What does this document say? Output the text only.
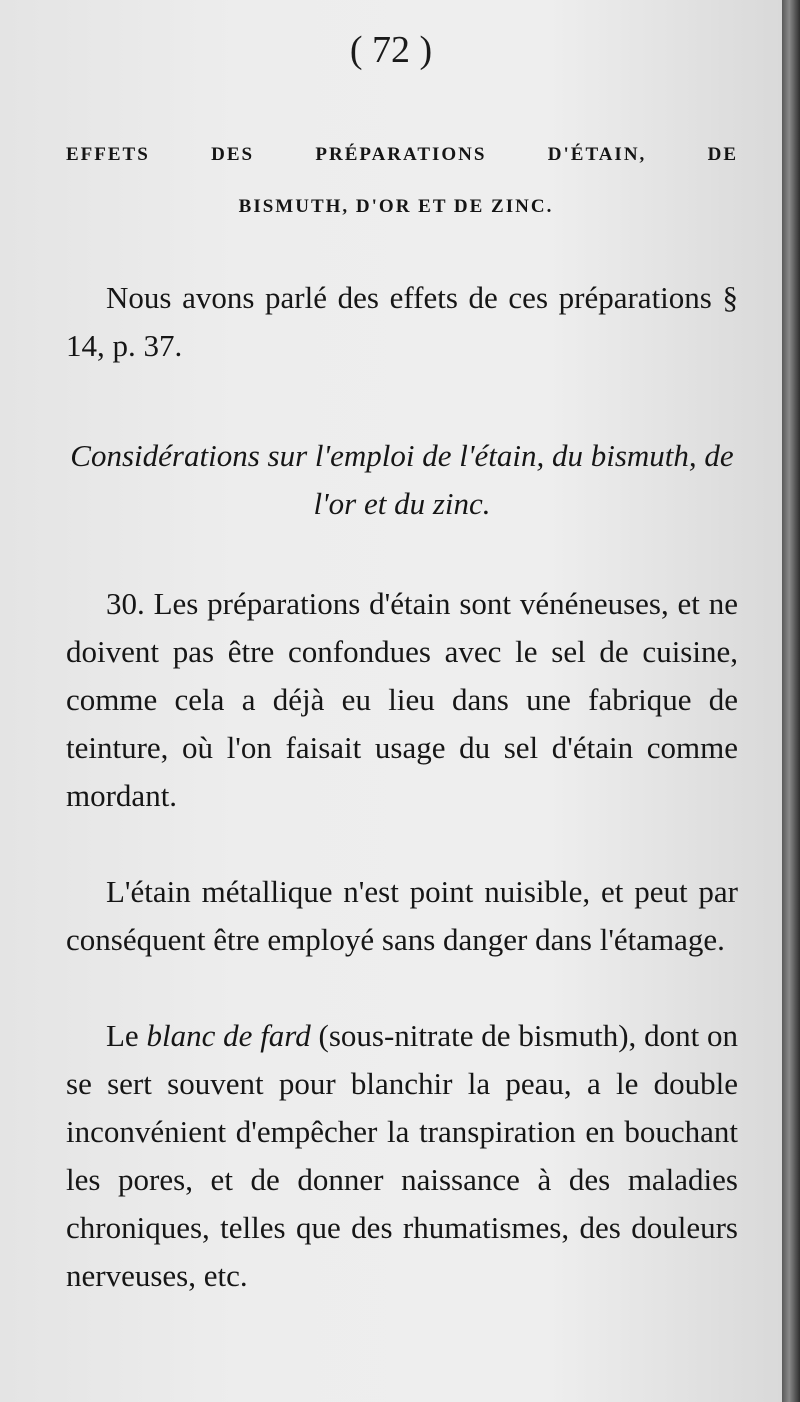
( 72 )
EFFETS DES PRÉPARATIONS D'ÉTAIN, DE
BISMUTH, D'OR ET DE ZINC.
Nous avons parlé des effets de ces préparations § 14, p. 37.
Considérations sur l'emploi de l'étain, du bismuth, de l'or et du zinc.
30. Les préparations d'étain sont vénéneuses, et ne doivent pas être confondues avec le sel de cuisine, comme cela a déjà eu lieu dans une fabrique de teinture, où l'on faisait usage du sel d'étain comme mordant.
L'étain métallique n'est point nuisible, et peut par conséquent être employé sans danger dans l'étamage.
Le blanc de fard (sous-nitrate de bismuth), dont on se sert souvent pour blanchir la peau, a le double inconvénient d'empêcher la transpiration en bouchant les pores, et de donner naissance à des maladies chroniques, telles que des rhumatismes, des douleurs nerveuses, etc.
